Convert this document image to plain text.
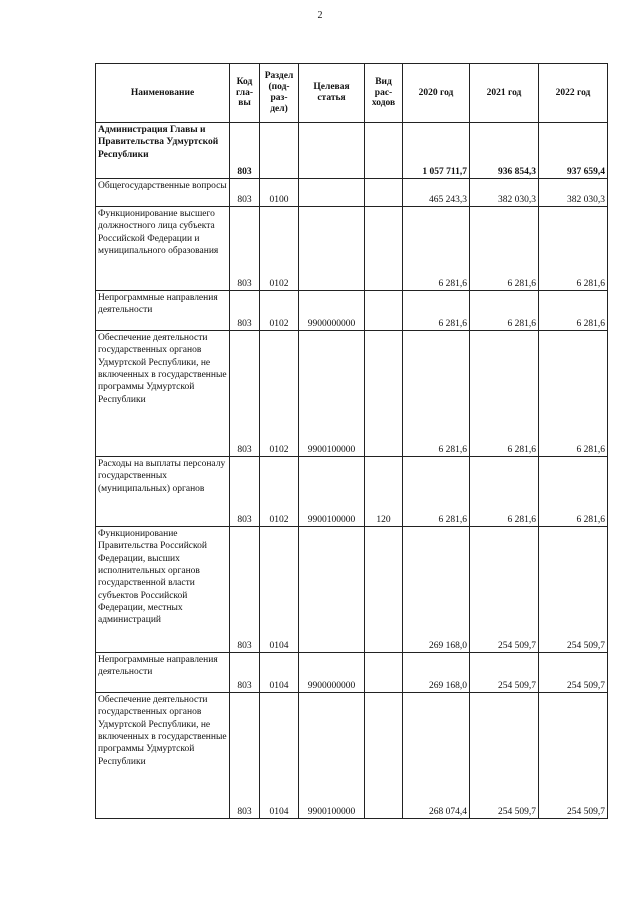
2
Наименование	Код гла- вы	Раздел (под- раз- дел)	Целевая статья	Вид рас- ходов	2020 год	2021 год	2022 год
Администрация Главы и Правительства Удмуртской Республики	803				1 057 711,7	936 854,3	937 659,4
Общегосударственные вопросы	803	0100			465 243,3	382 030,3	382 030,3
Функционирование высшего должностного лица субъекта Российской Федерации и муниципального образования	803	0102			6 281,6	6 281,6	6 281,6
Непрограммные направления деятельности	803	0102	9900000000		6 281,6	6 281,6	6 281,6
Обеспечение деятельности государственных органов Удмуртской Республики, не включенных в государственные программы Удмуртской Республики	803	0102	9900100000		6 281,6	6 281,6	6 281,6
Расходы на выплаты персоналу государственных (муниципальных) органов	803	0102	9900100000	120	6 281,6	6 281,6	6 281,6
Функционирование Правительства Российской Федерации, высших исполнительных органов государственной власти субъектов Российской Федерации, местных администраций	803	0104			269 168,0	254 509,7	254 509,7
Непрограммные направления деятельности	803	0104	9900000000		269 168,0	254 509,7	254 509,7
Обеспечение деятельности государственных органов Удмуртской Республики, не включенных в государственные программы Удмуртской Республики	803	0104	9900100000		268 074,4	254 509,7	254 509,7
